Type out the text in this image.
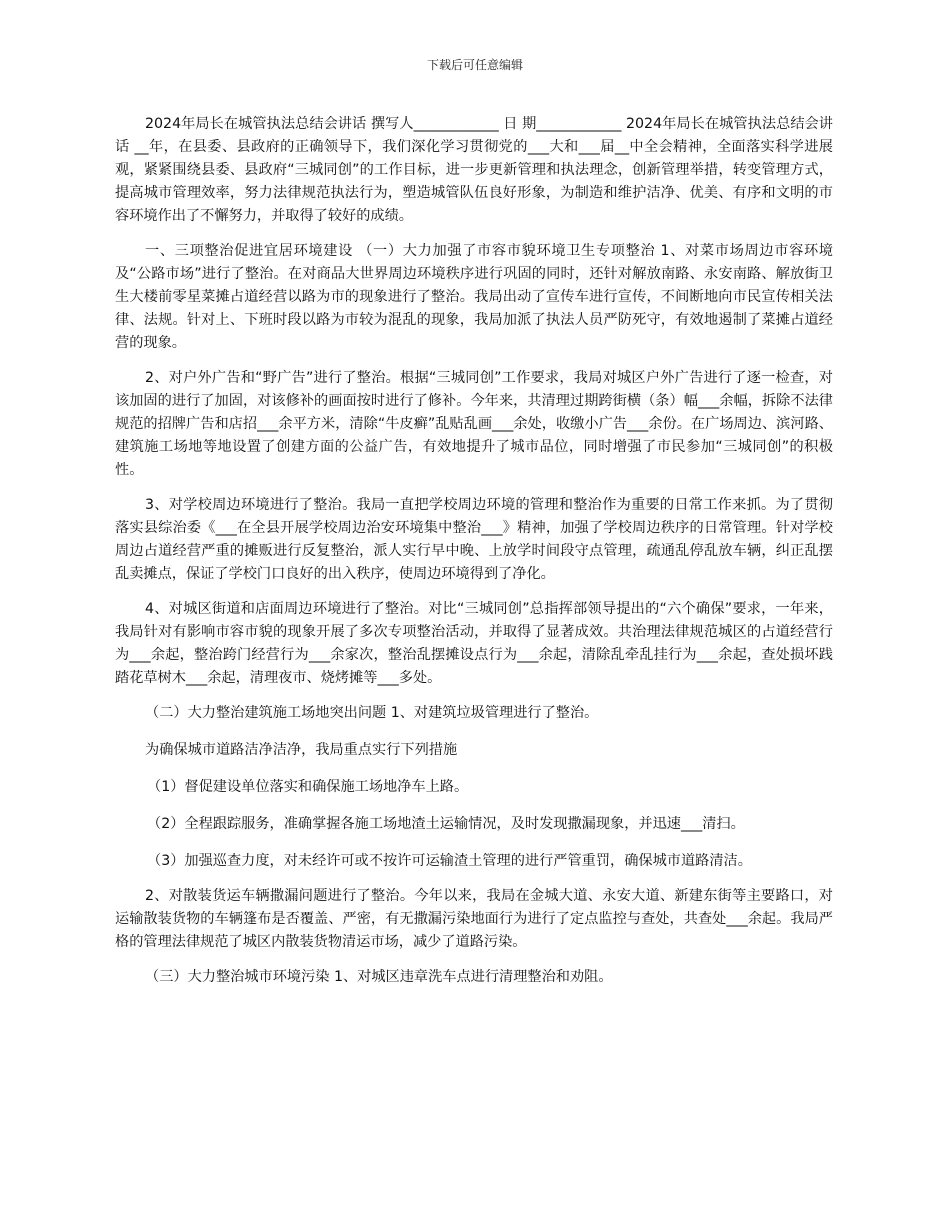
下载后可任意编辑

2024年局长在城管执法总结会讲话 撰写人____________ 日 期____________ 2024年局长在城管执法总结会讲话 __年，在县委、县政府的正确领导下，我们深化学习贯彻党的___大和___届__中全会精神，全面落实科学进展观，紧紧围绕县委、县政府“三城同创”的工作目标，进一步更新管理和执法理念，创新管理举措，转变管理方式，提高城市管理效率，努力法律规范执法行为，塑造城管队伍良好形象，为制造和维护洁净、优美、有序和文明的市容环境作出了不懈努力，并取得了较好的成绩。

一、三项整治促进宜居环境建设 （一）大力加强了市容市貌环境卫生专项整治 1、对菜市场周边市容环境及“公路市场”进行了整治。在对商品大世界周边环境秩序进行巩固的同时，还针对解放南路、永安南路、解放街卫生大楼前零星菜摊占道经营以路为市的现象进行了整治。我局出动了宣传车进行宣传，不间断地向市民宣传相关法律、法规。针对上、下班时段以路为市较为混乱的现象，我局加派了执法人员严防死守，有效地遏制了菜摊占道经营的现象。

2、对户外广告和“野广告”进行了整治。根据“三城同创”工作要求，我局对城区户外广告进行了逐一检查，对该加固的进行了加固，对该修补的画面按时进行了修补。今年来，共清理过期跨街横（条）幅___余幅，拆除不法律规范的招牌广告和店招___余平方米，清除“牛皮癣”乱贴乱画___余处，收缴小广告___余份。在广场周边、滨河路、建筑施工场地等地设置了创建方面的公益广告，有效地提升了城市品位，同时增强了市民参加“三城同创”的积极性。

3、对学校周边环境进行了整治。我局一直把学校周边环境的管理和整治作为重要的日常工作来抓。为了贯彻落实县综治委《___在全县开展学校周边治安环境集中整治___》精神，加强了学校周边秩序的日常管理。针对学校周边占道经营严重的摊贩进行反复整治，派人实行早中晚、上放学时间段守点管理，疏通乱停乱放车辆，纠正乱摆乱卖摊点，保证了学校门口良好的出入秩序，使周边环境得到了净化。

4、对城区街道和店面周边环境进行了整治。对比“三城同创”总指挥部领导提出的“六个确保”要求，一年来，我局针对有影响市容市貌的现象开展了多次专项整治活动，并取得了显著成效。共治理法律规范城区的占道经营行为___余起，整治跨门经营行为___余家次，整治乱摆摊设点行为___余起，清除乱牵乱挂行为___余起，查处损坏践踏花草树木___余起，清理夜市、烧烤摊等___多处。

（二）大力整治建筑施工场地突出问题 1、对建筑垃圾管理进行了整治。

为确保城市道路洁净洁净，我局重点实行下列措施

（1）督促建设单位落实和确保施工场地净车上路。

（2）全程跟踪服务，准确掌握各施工场地渣土运输情况，及时发现撒漏现象，并迅速___清扫。

（3）加强巡查力度，对未经许可或不按许可运输渣土管理的进行严管重罚，确保城市道路清洁。

2、对散装货运车辆撒漏问题进行了整治。今年以来，我局在金城大道、永安大道、新建东街等主要路口，对运输散装货物的车辆篷布是否覆盖、严密，有无撒漏污染地面行为进行了定点监控与查处，共查处___余起。我局严格的管理法律规范了城区内散装货物清运市场，减少了道路污染。

（三）大力整治城市环境污染 1、对城区违章洗车点进行清理整治和劝阻。
